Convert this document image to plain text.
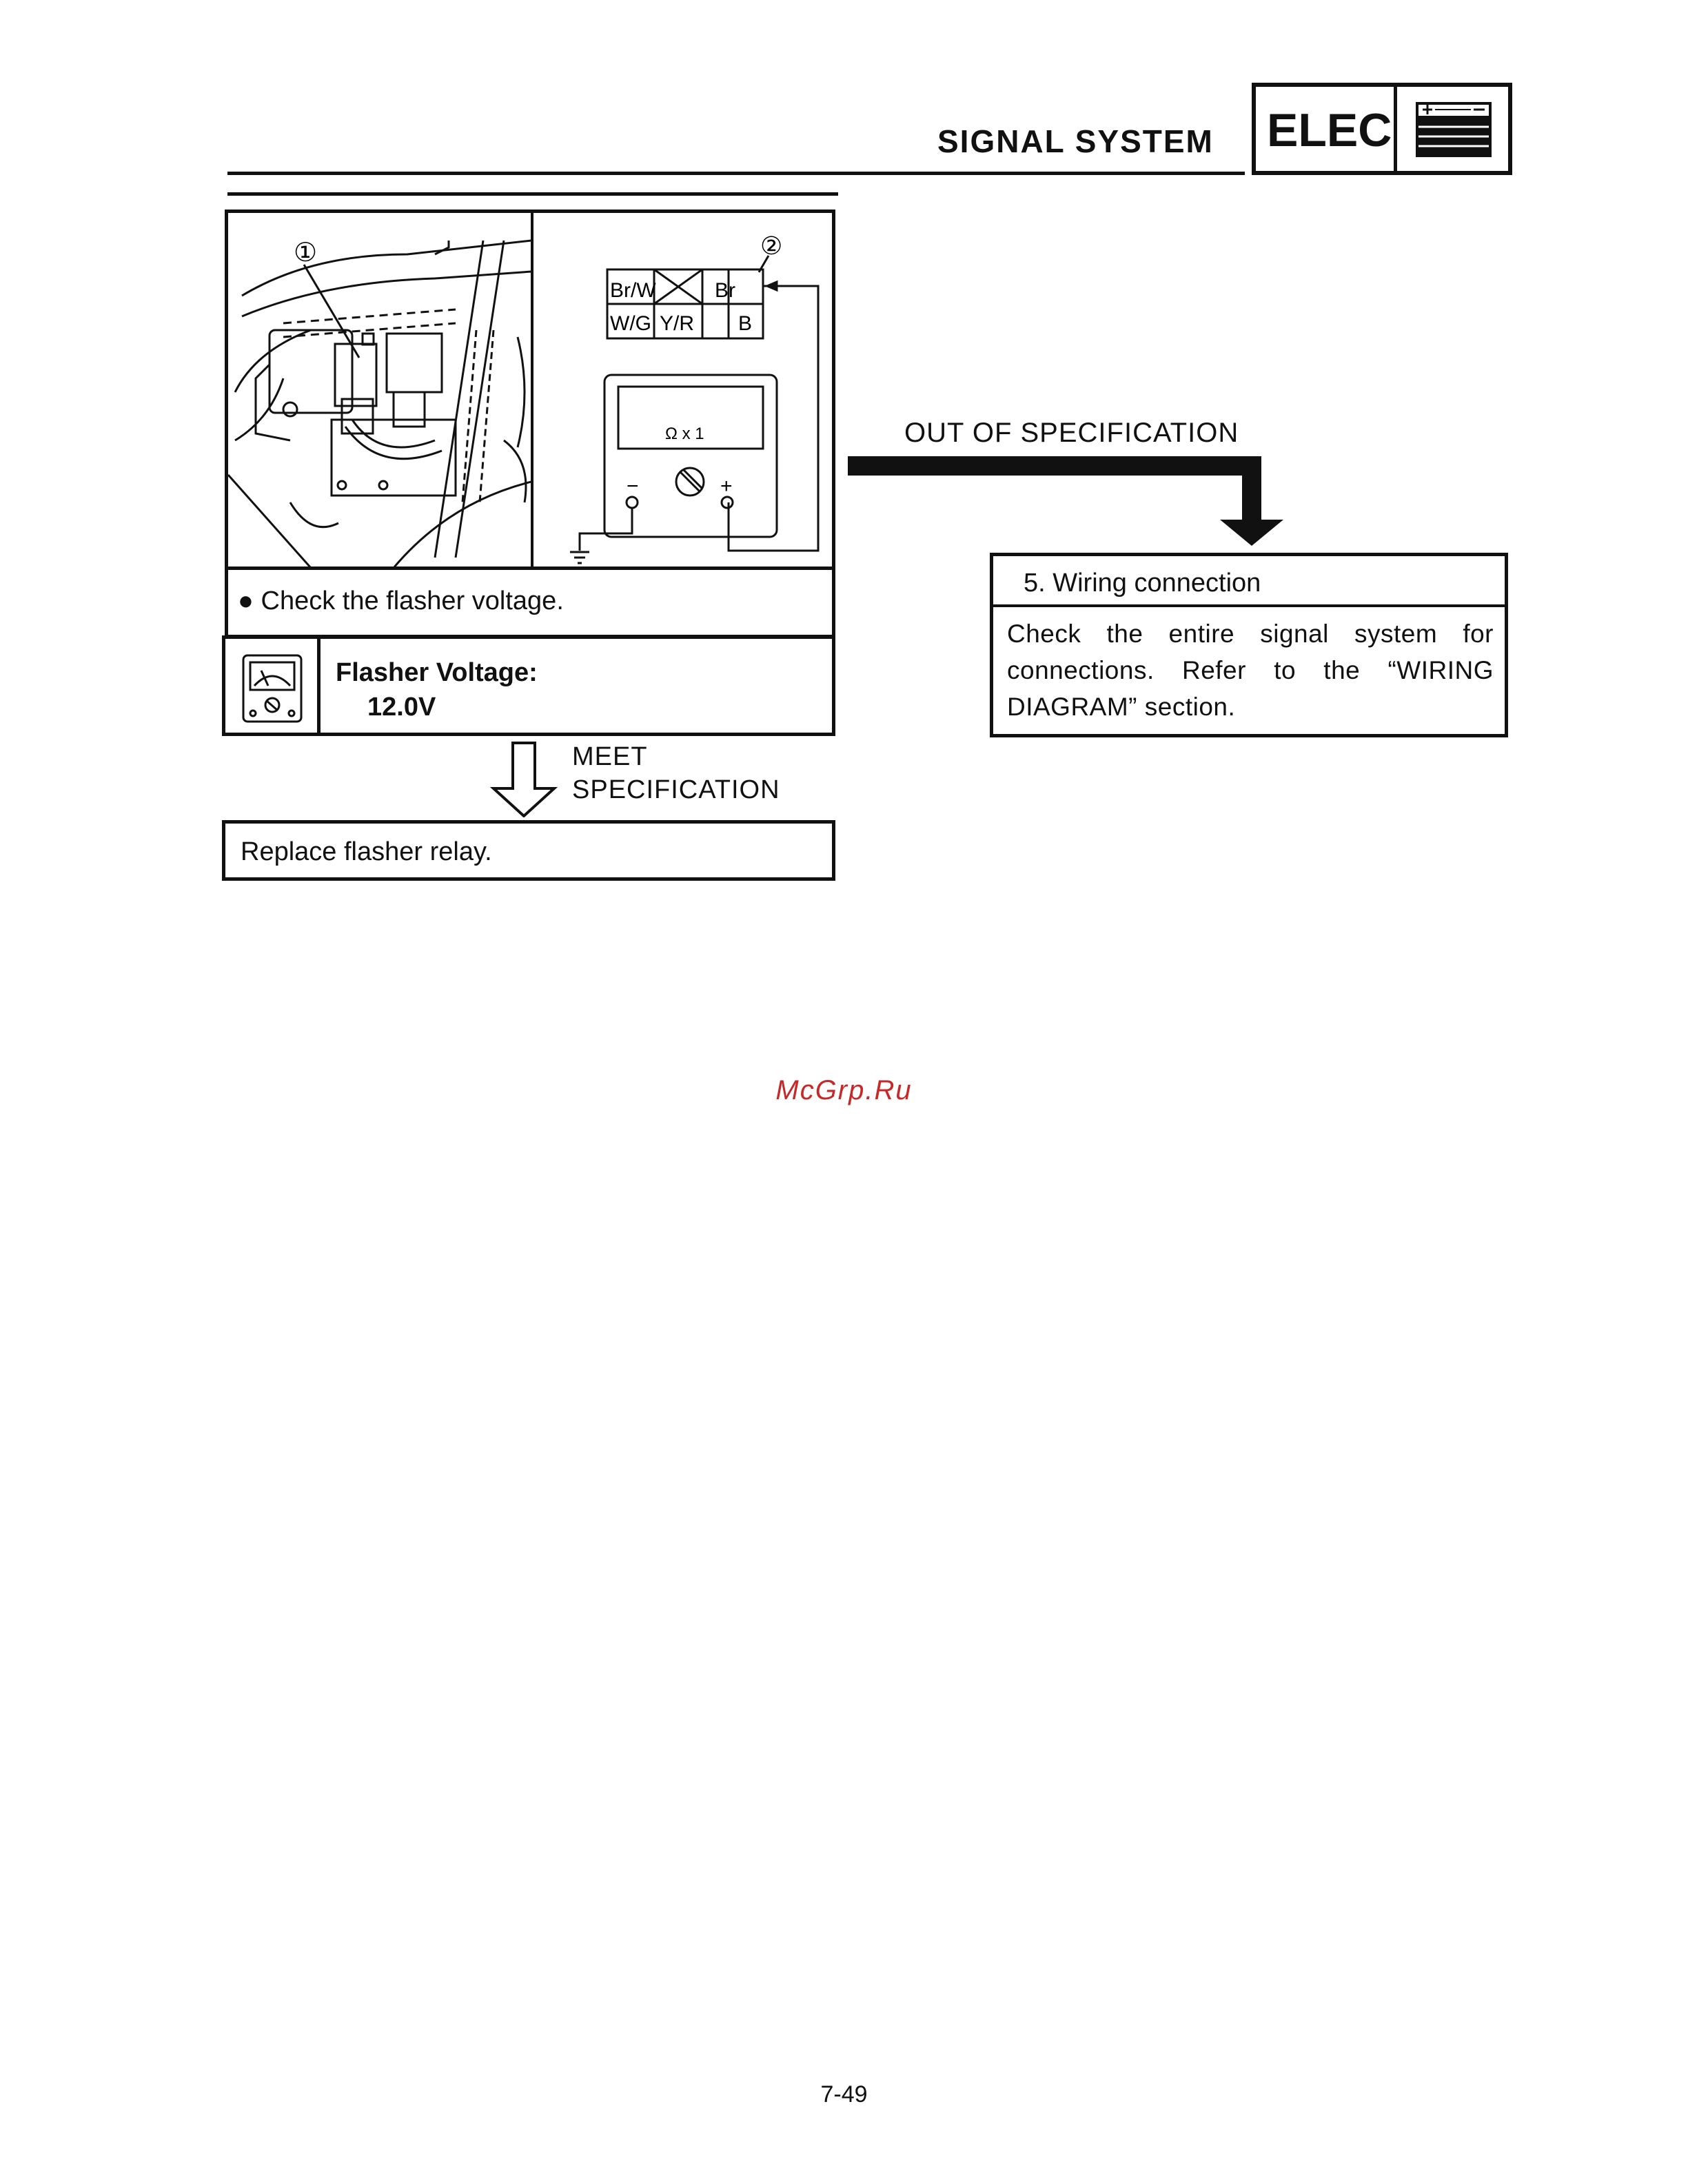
SIGNAL SYSTEM ELEC
①	②
Br/W	Br
W/G Y/R B
Ω x 1
−	+
● Check the flasher voltage.
Flasher Voltage:
12.0V
MEET
SPECIFICATION
Replace flasher relay.
OUT OF SPECIFICATION
5. Wiring connection
Check the entire signal system for connections. Refer to the “WIRING DIAGRAM” section.
McGrp.Ru
7-49
